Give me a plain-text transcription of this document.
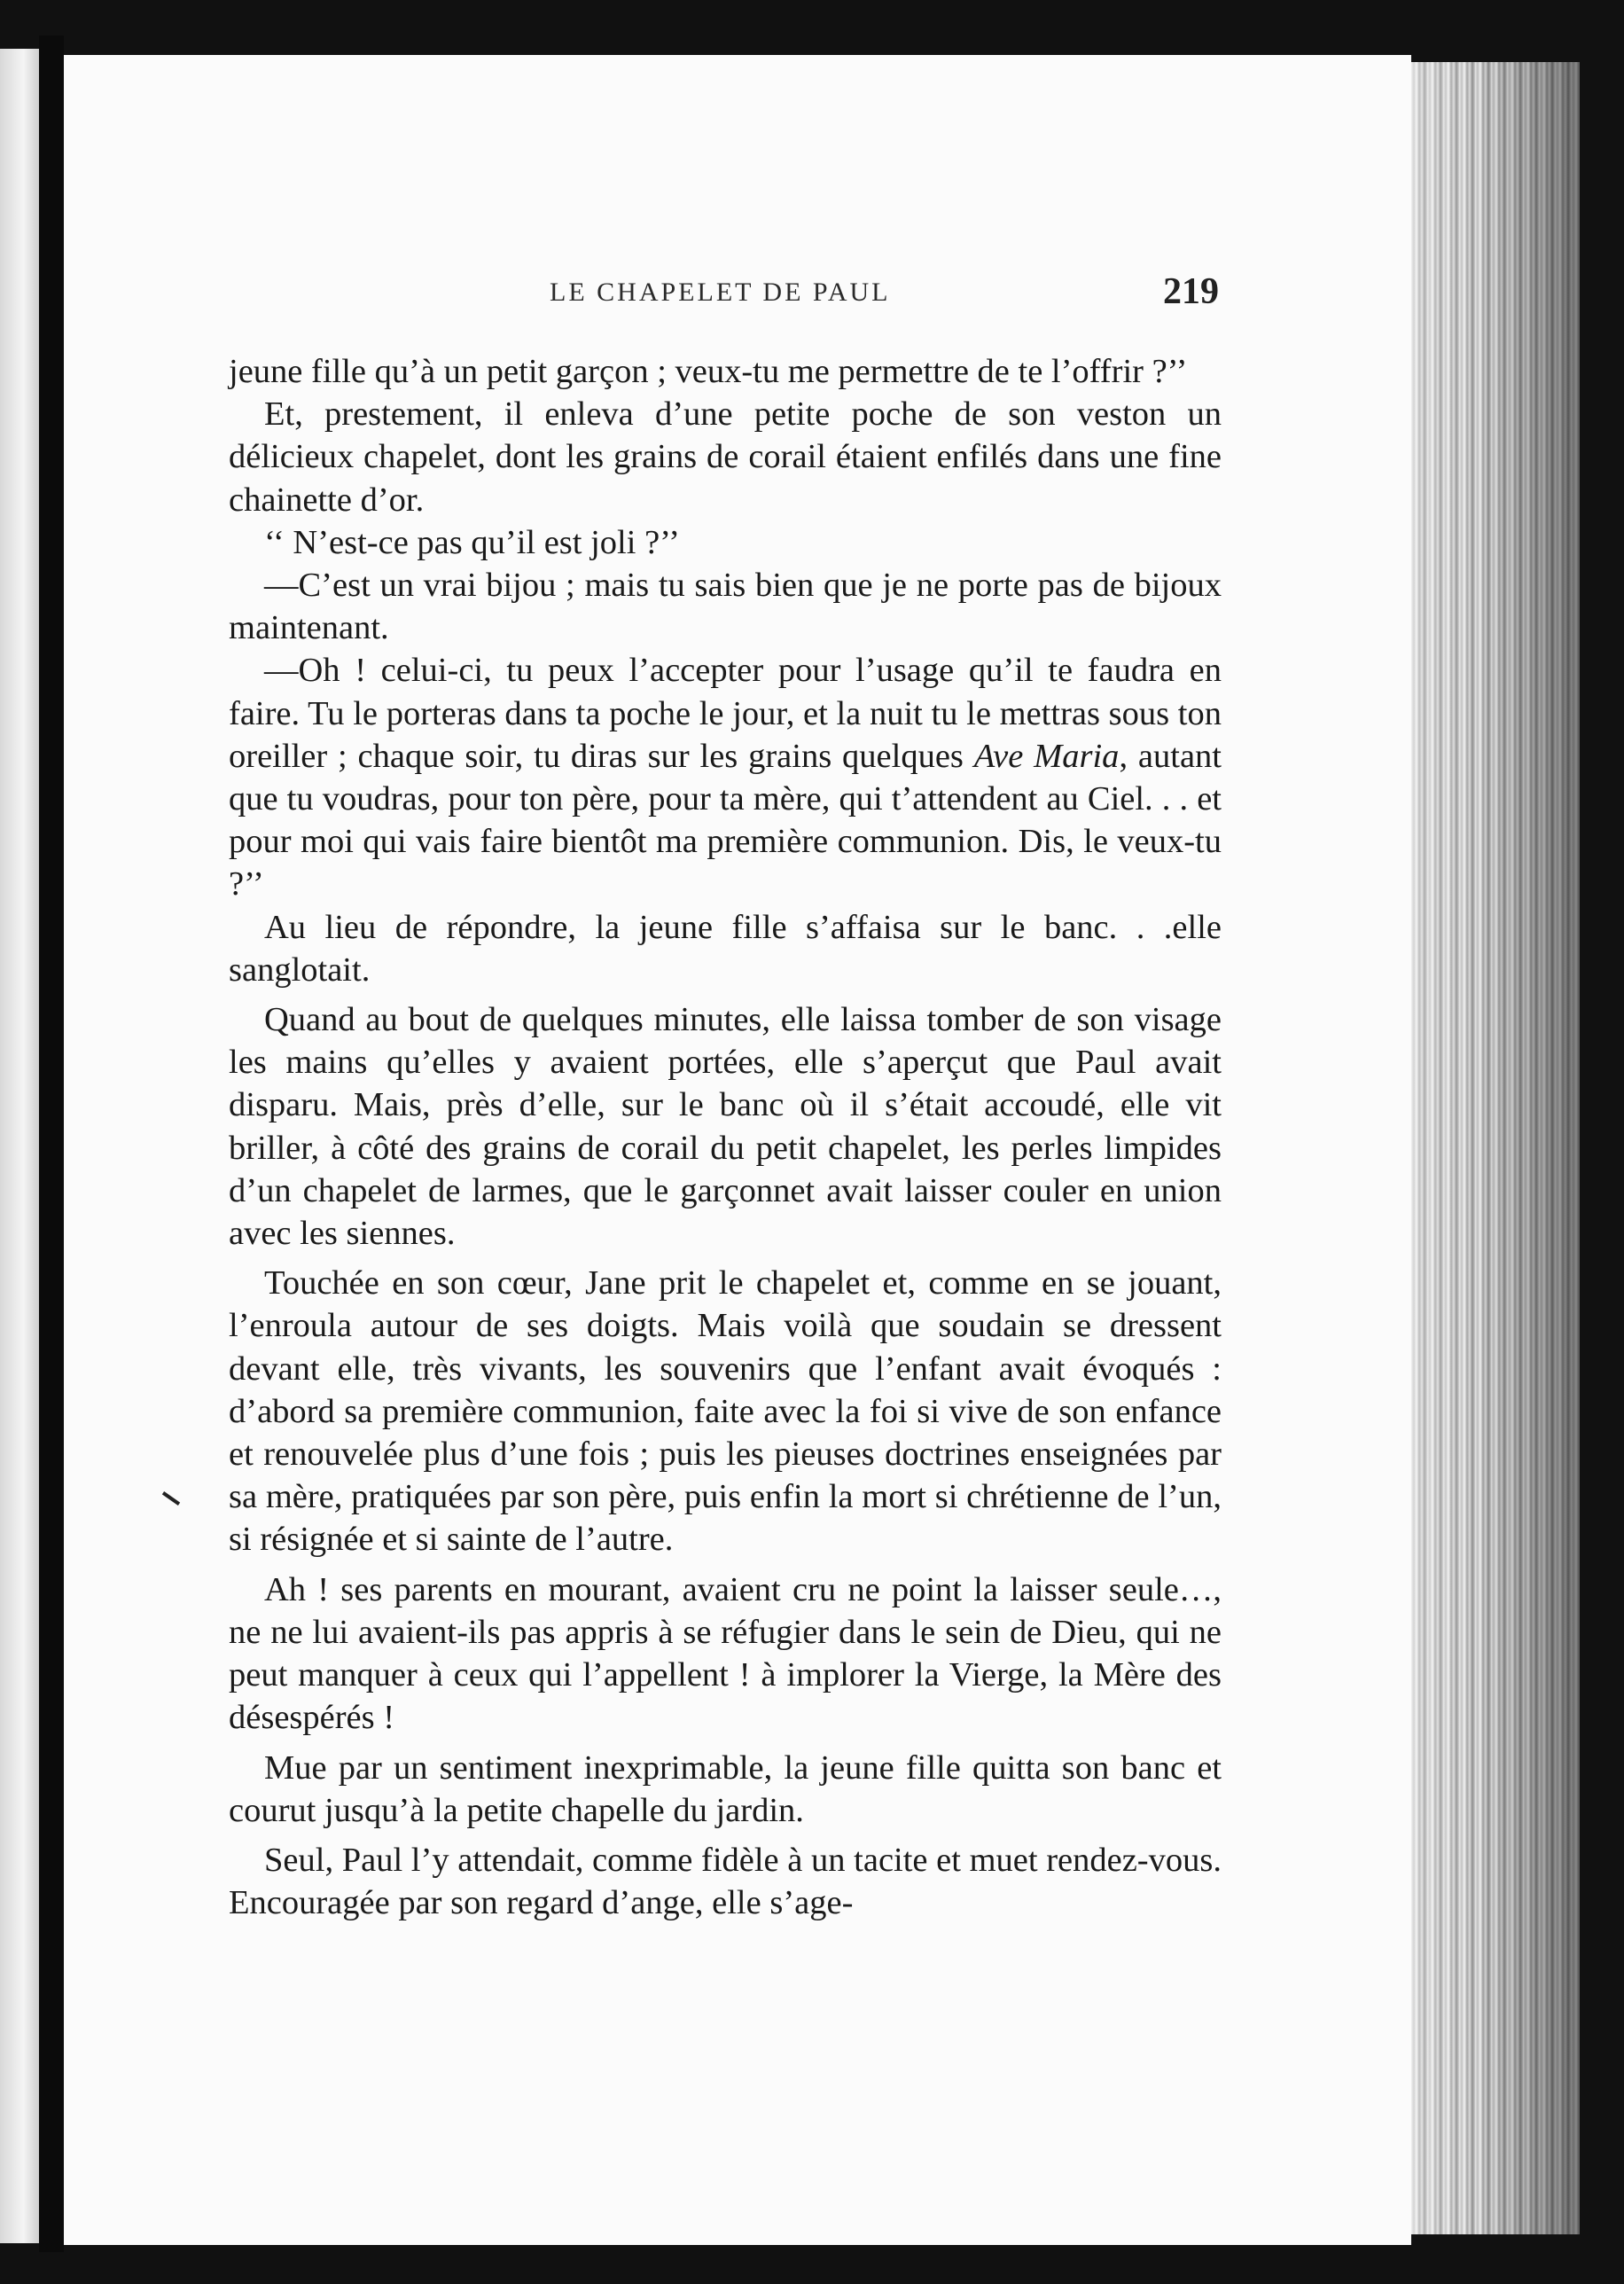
LE CHAPELET DE PAUL	219

jeune fille qu’à un petit garçon ; veux-tu me permettre de te l’offrir ?’’

Et, prestement, il enleva d’une petite poche de son veston un délicieux chapelet, dont les grains de corail étaient enfilés dans une fine chainette d’or.

‘‘ N’est-ce pas qu’il est joli ?’’

—C’est un vrai bijou ; mais tu sais bien que je ne porte pas de bijoux maintenant.

—Oh ! celui-ci, tu peux l’accepter pour l’usage qu’il te faudra en faire. Tu le porteras dans ta poche le jour, et la nuit tu le mettras sous ton oreiller ; chaque soir, tu diras sur les grains quelques Ave Maria, autant que tu voudras, pour ton père, pour ta mère, qui t’attendent au Ciel. . . et pour moi qui vais faire bientôt ma première communion. Dis, le veux-tu ?’’

Au lieu de répondre, la jeune fille s’affaisa sur le banc. . .elle sanglotait.

Quand au bout de quelques minutes, elle laissa tomber de son visage les mains qu’elles y avaient portées, elle s’aperçut que Paul avait disparu. Mais, près d’elle, sur le banc où il s’était accoudé, elle vit briller, à côté des grains de corail du petit chapelet, les perles limpides d’un chapelet de larmes, que le garçonnet avait laisser couler en union avec les siennes.

Touchée en son cœur, Jane prit le chapelet et, comme en se jouant, l’enroula autour de ses doigts. Mais voilà que soudain se dressent devant elle, très vivants, les souvenirs que l’enfant avait évoqués : d’abord sa première communion, faite avec la foi si vive de son enfance et renouvelée plus d’une fois ; puis les pieuses doctrines enseignées par sa mère, pratiquées par son père, puis enfin la mort si chrétienne de l’un, si résignée et si sainte de l’autre.

Ah ! ses parents en mourant, avaient cru ne point la laisser seule…, ne ne lui avaient-ils pas appris à se réfugier dans le sein de Dieu, qui ne peut manquer à ceux qui l’appellent ! à implorer la Vierge, la Mère des désespérés !

Mue par un sentiment inexprimable, la jeune fille quitta son banc et courut jusqu’à la petite chapelle du jardin.

Seul, Paul l’y attendait, comme fidèle à un tacite et muet rendez-vous. Encouragée par son regard d’ange, elle s’age-
